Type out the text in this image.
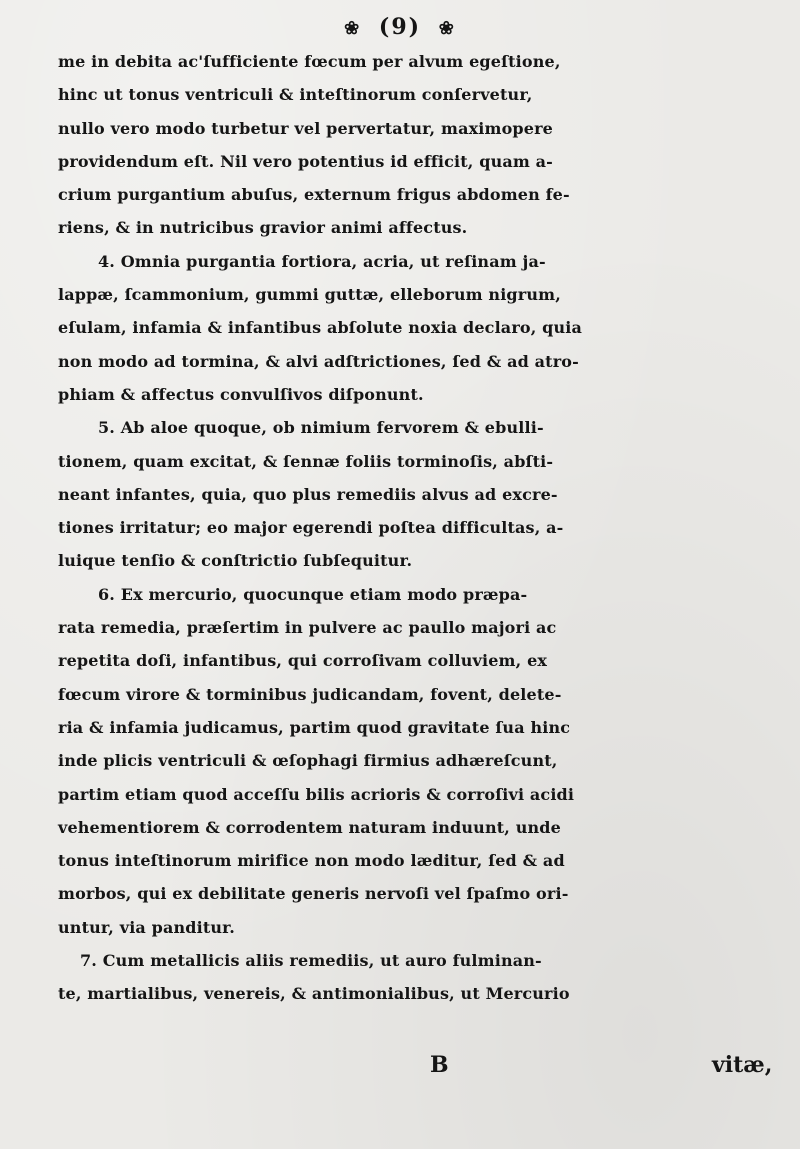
❀ (9) ❀
me in debita ac'ſufficiente fœcum per alvum egeſtione,
hinc ut tonus ventriculi & inteſtinorum conſervetur,
nullo vero modo turbetur vel pervertatur, maximopere
providendum eſt. Nil vero potentius id efficit, quam a-
crium purgantium abuſus, externum frigus abdomen fe-
riens, & in nutricibus gravior animi affectus.
4. Omnia purgantia fortiora, acria, ut reſinam ja-
lappæ, ſcammonium, gummi guttæ, elleborum nigrum,
eſulam, infamia & infantibus abſolute noxia declaro, quia
non modo ad tormina, & alvi adſtrictiones, ſed & ad atro-
phiam & affectus convulſivos diſponunt.
5. Ab aloe quoque, ob nimium fervorem & ebulli-
tionem, quam excitat, & ſennæ foliis torminoſis, abſti-
neant infantes, quia, quo plus remediis alvus ad excre-
tiones irritatur; eo major egerendi poſtea difficultas, a-
luique tenſio & conſtrictio ſubſequitur.
6. Ex mercurio, quocunque etiam modo præpa-
rata remedia, præſertim in pulvere ac paullo majori ac
repetita doſi, infantibus, qui corroſivam colluviem, ex
fœcum virore & torminibus judicandam, fovent, delete-
ria & infamia judicamus, partim quod gravitate ſua hinc
inde plicis ventriculi & œſophagi firmius adhæreſcunt,
partim etiam quod acceſſu bilis acrioris & corroſivi acidi
vehementiorem & corrodentem naturam induunt, unde
tonus inteſtinorum mirifice non modo læditur, ſed & ad
morbos, qui ex debilitate generis nervoſi vel ſpaſmo ori-
untur, via panditur.
7. Cum metallicis aliis remediis, ut auro fulminan-
te, martialibus, venereis, & antimonialibus, ut Mercurio
B	vitæ,
